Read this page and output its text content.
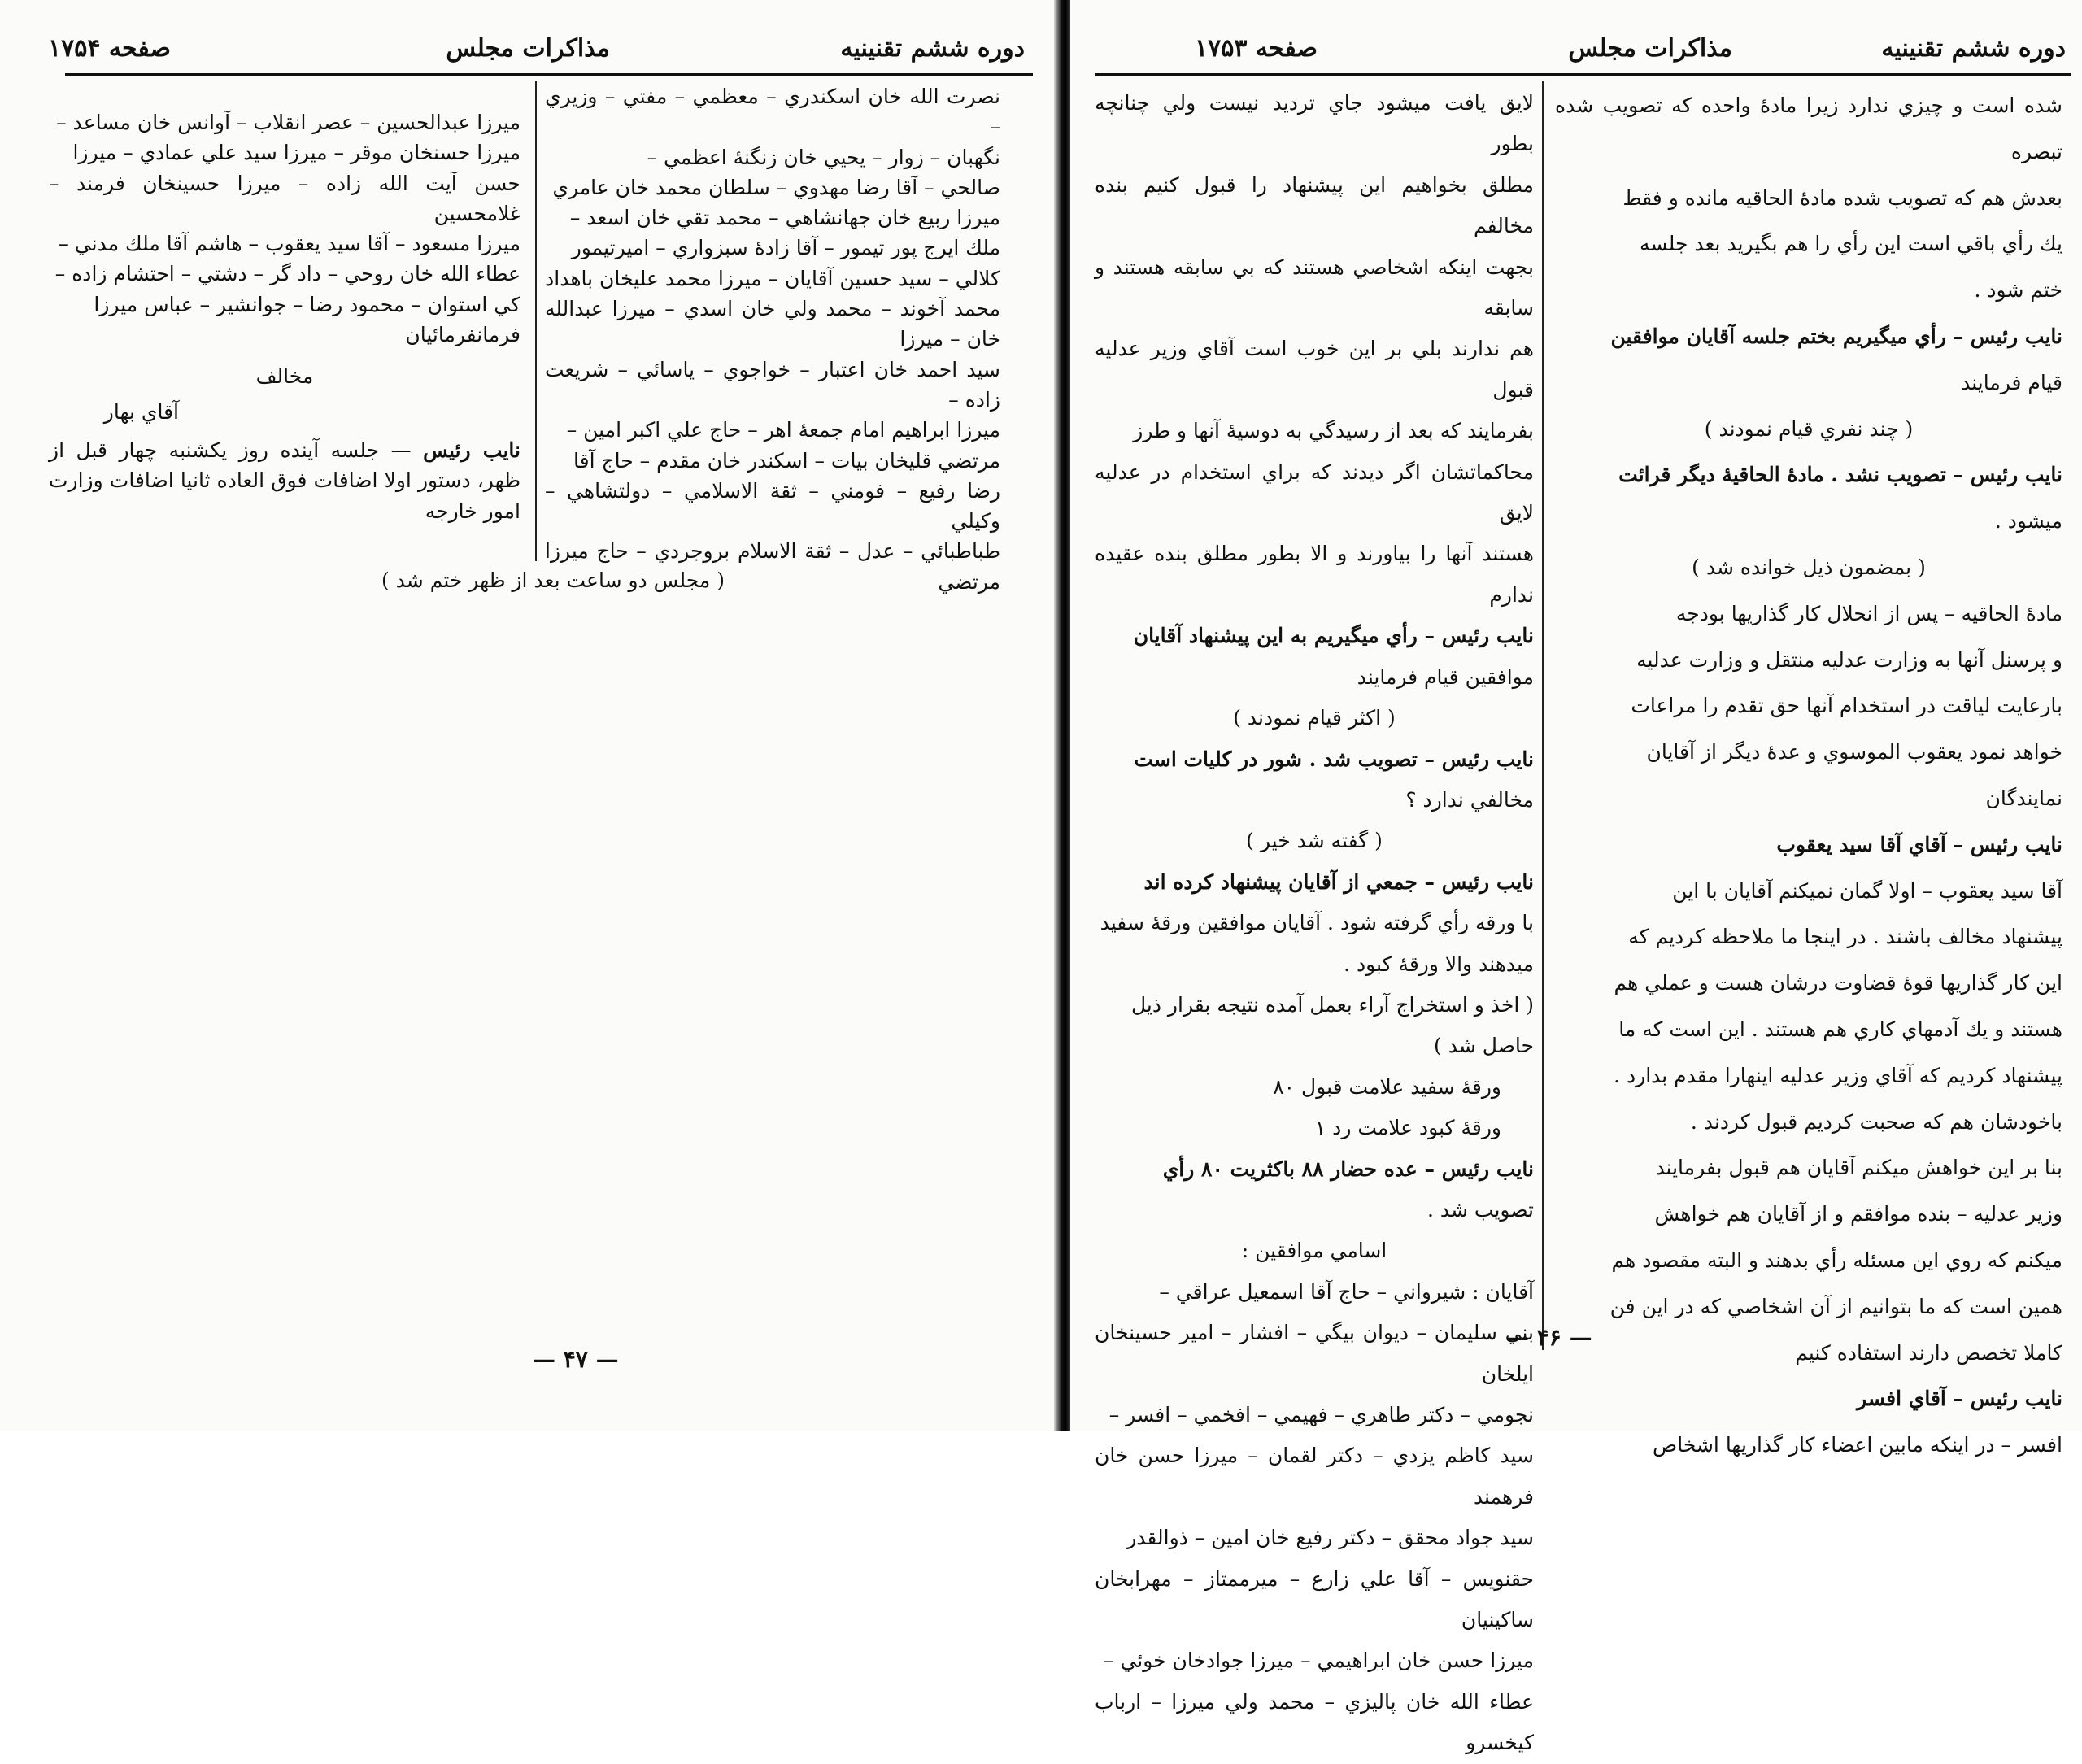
دوره ششم تقنينيه
مذاكرات مجلس
صفحه ۱۷۵۴

نصرت الله خان اسكندري – معظمي – مفتي – وزيري –

نگهبان – زوار – يحيي خان زنگنهٔ اعظمي –

صالحي – آقا رضا مهدوي – سلطان محمد خان عامري

ميرزا ربيع خان جهانشاهي – محمد تقي خان اسعد –

ملك ايرج پور تيمور – آقا زادهٔ سبزواري – اميرتيمور

كلالي – سيد حسين آقايان – ميرزا محمد عليخان باهداد

محمد آخوند – محمد ولي خان اسدي – ميرزا عبدالله خان – ميرزا

سيد احمد خان اعتبار – خواجوي – ياسائي – شريعت زاده –

ميرزا ابراهيم امام جمعهٔ اهر – حاج علي اكبر امين –

مرتضي قليخان بيات – اسكندر خان مقدم – حاج آقا

رضا رفيع – فومني – ثقة الاسلامي – دولتشاهي – وكيلي

طباطبائي – عدل – ثقة الاسلام بروجردي – حاج ميرزا مرتضي

ميرزا عبدالحسين – عصر انقلاب – آوانس خان مساعد –

ميرزا حسنخان موقر – ميرزا سيد علي عمادي – ميرزا

حسن آيت الله زاده – ميرزا حسينخان فرمند – غلامحسين

ميرزا مسعود – آقا سيد يعقوب – هاشم آقا ملك مدني –

عطاء الله خان روحي – داد گر – دشتي – احتشام زاده –

كي استوان – محمود رضا – جوانشير – عباس ميرزا

فرمانفرمائيان

مخالف

آقاي بهار

نايب رئيس — جلسه آينده روز يكشنبه چهار قبل از ظهر، دستور اولا اضافات فوق العاده ثانيا اضافات وزارت امور خارجه

( مجلس دو ساعت بعد از ظهر ختم شد )

— ۴۷ —
دوره ششم تقنينيه
مذاكرات مجلس
صفحه ۱۷۵۳

شده است و چيزي ندارد زيرا مادهٔ واحده كه تصويب شده تبصره

بعدش هم كه تصويب شده مادهٔ الحاقيه مانده و فقط

يك رأي باقي است اين رأي را هم بگيريد بعد جلسه

ختم شود .

نايب رئيس – رأي ميگيريم بختم جلسه آقايان موافقين

قيام فرمايند

( چند نفري قيام نمودند )

نايب رئيس – تصويب نشد . مادهٔ الحاقيهٔ ديگر قرائت

ميشود .

( بمضمون ذيل خوانده شد )

مادهٔ الحاقيه – پس از انحلال كار گذاريها بودجه

و پرسنل آنها به وزارت عدليه منتقل و وزارت عدليه

بارعايت لياقت در استخدام آنها حق تقدم را مراعات

خواهد نمود يعقوب الموسوي و عدهٔ ديگر از آقايان

نمايندگان

نايب رئيس – آقاي آقا سيد يعقوب

آقا سيد يعقوب – اولا گمان نميكنم آقايان با اين

پيشنهاد مخالف باشند . در اينجا ما ملاحظه كرديم كه

اين كار گذاريها قوهٔ قضاوت درشان هست و عملي هم

هستند و يك آدمهاي كاري هم هستند . اين است كه ما

پيشنهاد كرديم كه آقاي وزير عدليه اينهارا مقدم بدارد .

باخودشان هم كه صحبت كرديم قبول كردند .

بنا بر اين خواهش ميكنم آقايان هم قبول بفرمايند

وزير عدليه – بنده موافقم و از آقايان هم خواهش

ميكنم كه روي اين مسئله رأي بدهند و البته مقصود هم

همين است كه ما بتوانيم از آن اشخاصي كه در اين فن

كاملا تخصص دارند استفاده كنيم

نايب رئيس – آقاي افسر

افسر – در اينكه مابين اعضاء كار گذاريها اشخاص

لايق يافت ميشود جاي ترديد نيست ولي چنانچه بطور

مطلق بخواهيم اين پيشنهاد را قبول كنيم بنده مخالفم

بجهت اينكه اشخاصي هستند كه بي سابقه هستند و سابقه

هم ندارند بلي بر اين خوب است آقاي وزير عدليه قبول

بفرمايند كه بعد از رسيدگي به دوسيهٔ آنها و طرز

محاكماتشان اگر ديدند كه براي استخدام در عدليه لايق

هستند آنها را بياورند و الا بطور مطلق بنده عقيده ندارم

نايب رئيس – رأي ميگيريم به اين پيشنهاد آقايان

موافقين قيام فرمايند

( اكثر قيام نمودند )

نايب رئيس – تصويب شد . شور در كليات است

مخالفي ندارد ؟

( گفته شد خير )

نايب رئيس – جمعي از آقايان پيشنهاد كرده اند

با ورقه رأي گرفته شود . آقايان موافقين ورقهٔ سفيد

ميدهند والا ورقهٔ كبود .

( اخذ و استخراج آراء بعمل آمده نتيجه بقرار ذيل

حاصل شد )

ورقهٔ سفيد علامت قبول ۸۰

ورقهٔ كبود علامت رد ۱

نايب رئيس – عده حضار ۸۸ باكثريت ۸۰ رأي

تصويب شد .

اسامي موافقين :

آقايان : شيرواني – حاج آقا اسمعيل عراقي –

بني سليمان – ديوان بيگي – افشار – امير حسينخان ايلخان

نجومي – دكتر طاهري – فهيمي – افخمي – افسر –

سيد كاظم يزدي – دكتر لقمان – ميرزا حسن خان فرهمند

سيد جواد محقق – دكتر رفيع خان امين – ذوالقدر

حقنويس – آقا علي زارع – ميرممتاز – مهرابخان ساكينيان

ميرزا حسن خان ابراهيمي – ميرزا جوادخان خوئي –

عطاء الله خان پاليزي – محمد ولي ميرزا – ارباب كيخسرو

— ۴۶ —
